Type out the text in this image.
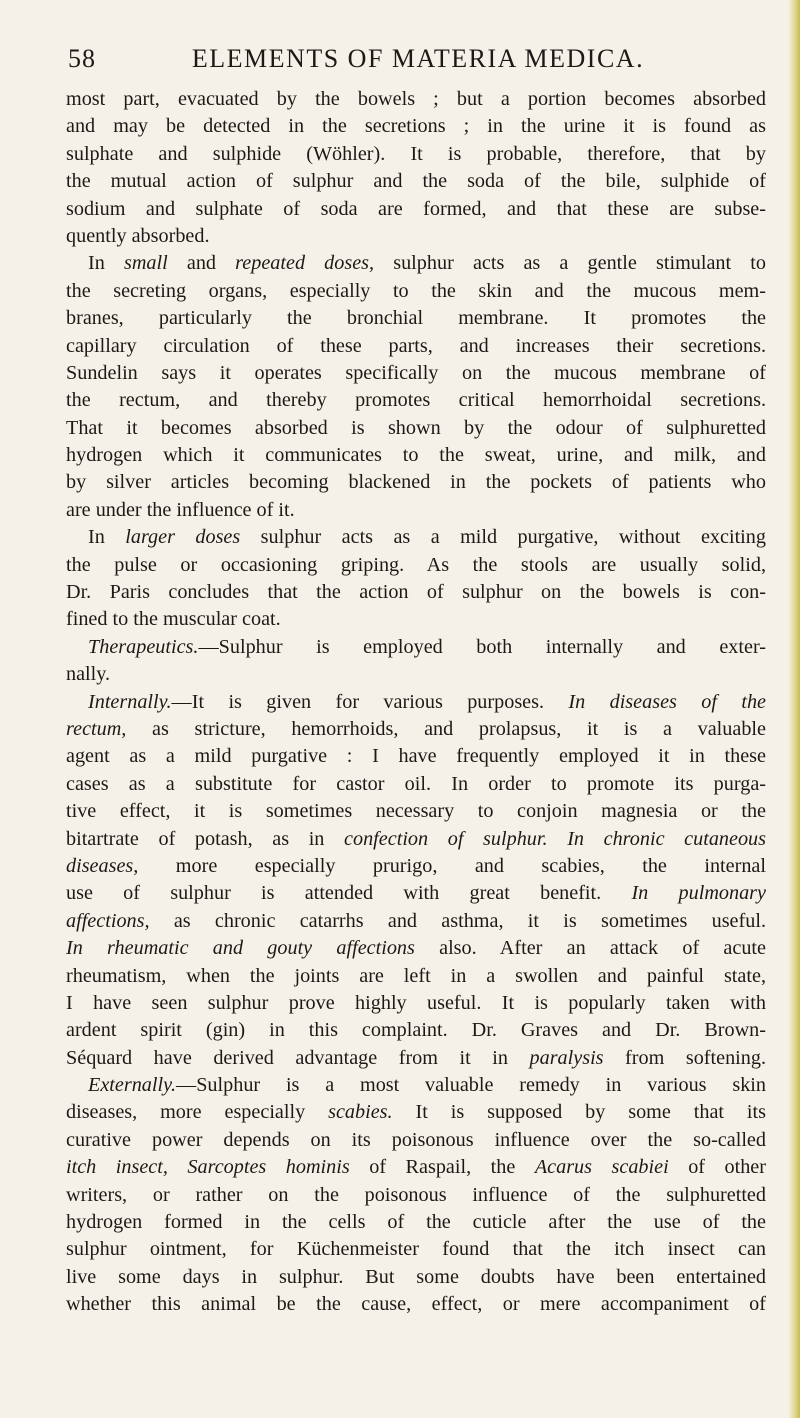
58	ELEMENTS OF MATERIA MEDICA.
most part, evacuated by the bowels ; but a portion becomes absorbed
and may be detected in the secretions ; in the urine it is found as
sulphate and sulphide (Wöhler). It is probable, therefore, that by
the mutual action of sulphur and the soda of the bile, sulphide of
sodium and sulphate of soda are formed, and that these are subse-
quently absorbed.
In small and repeated doses, sulphur acts as a gentle stimulant to
the secreting organs, especially to the skin and the mucous mem-
branes, particularly the bronchial membrane. It promotes the
capillary circulation of these parts, and increases their secretions.
Sundelin says it operates specifically on the mucous membrane of
the rectum, and thereby promotes critical hemorrhoidal secretions.
That it becomes absorbed is shown by the odour of sulphuretted
hydrogen which it communicates to the sweat, urine, and milk, and
by silver articles becoming blackened in the pockets of patients who
are under the influence of it.
In larger doses sulphur acts as a mild purgative, without exciting
the pulse or occasioning griping. As the stools are usually solid,
Dr. Paris concludes that the action of sulphur on the bowels is con-
fined to the muscular coat.
Therapeutics.—Sulphur is employed both internally and exter-
nally.
Internally.—It is given for various purposes. In diseases of the
rectum, as stricture, hemorrhoids, and prolapsus, it is a valuable
agent as a mild purgative : I have frequently employed it in these
cases as a substitute for castor oil. In order to promote its purga-
tive effect, it is sometimes necessary to conjoin magnesia or the
bitartrate of potash, as in confection of sulphur. In chronic cutaneous
diseases, more especially prurigo, and scabies, the internal
use of sulphur is attended with great benefit. In pulmonary
affections, as chronic catarrhs and asthma, it is sometimes useful.
In rheumatic and gouty affections also. After an attack of acute
rheumatism, when the joints are left in a swollen and painful state,
I have seen sulphur prove highly useful. It is popularly taken with
ardent spirit (gin) in this complaint. Dr. Graves and Dr. Brown-
Séquard have derived advantage from it in paralysis from softening.
Externally.—Sulphur is a most valuable remedy in various skin
diseases, more especially scabies. It is supposed by some that its
curative power depends on its poisonous influence over the so-called
itch insect, Sarcoptes hominis of Raspail, the Acarus scabiei of other
writers, or rather on the poisonous influence of the sulphuretted
hydrogen formed in the cells of the cuticle after the use of the
sulphur ointment, for Küchenmeister found that the itch insect can
live some days in sulphur. But some doubts have been entertained
whether this animal be the cause, effect, or mere accompaniment of
